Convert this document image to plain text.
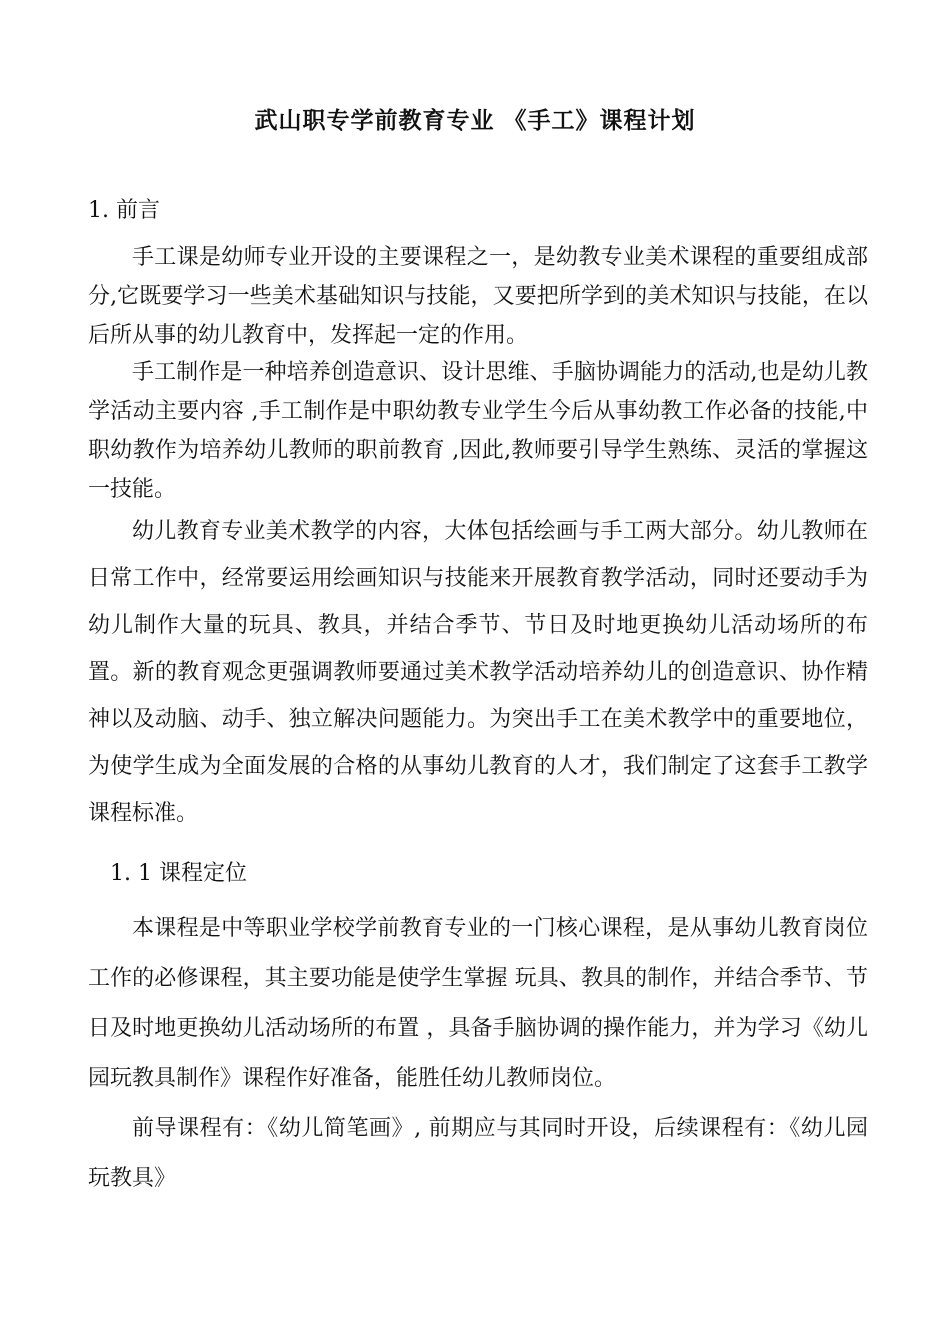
武山职专学前教育专业 《手工》课程计划
1. 前言

手工课是幼师专业开设的主要课程之一，是幼教专业美术课程的重要组成部分,它既要学习一些美术基础知识与技能，又要把所学到的美术知识与技能，在以后所从事的幼儿教育中，发挥起一定的作用。

手工制作是一种培养创造意识、设计思维、手脑协调能力的活动,也是幼儿教学活动主要内容 ,手工制作是中职幼教专业学生今后从事幼教工作必备的技能,中职幼教作为培养幼儿教师的职前教育 ,因此,教师要引导学生熟练、灵活的掌握这一技能。

幼儿教育专业美术教学的内容，大体包括绘画与手工两大部分。幼儿教师在日常工作中，经常要运用绘画知识与技能来开展教育教学活动，同时还要动手为幼儿制作大量的玩具、教具，并结合季节、节日及时地更换幼儿活动场所的布置。新的教育观念更强调教师要通过美术教学活动培养幼儿的创造意识、协作精神以及动脑、动手、独立解决问题能力。为突出手工在美术教学中的重要地位，为使学生成为全面发展的合格的从事幼儿教育的人才，我们制定了这套手工教学课程标准。

1. 1 课程定位

本课程是中等职业学校学前教育专业的一门核心课程，是从事幼儿教育岗位工作的必修课程，其主要功能是使学生掌握 玩具、教具的制作，并结合季节、节日及时地更换幼儿活动场所的布置 ，具备手脑协调的操作能力，并为学习《幼儿园玩教具制作》课程作好准备，能胜任幼儿教师岗位。

前导课程有：《幼儿简笔画》, 前期应与其同时开设，后续课程有：《幼儿园玩教具》
